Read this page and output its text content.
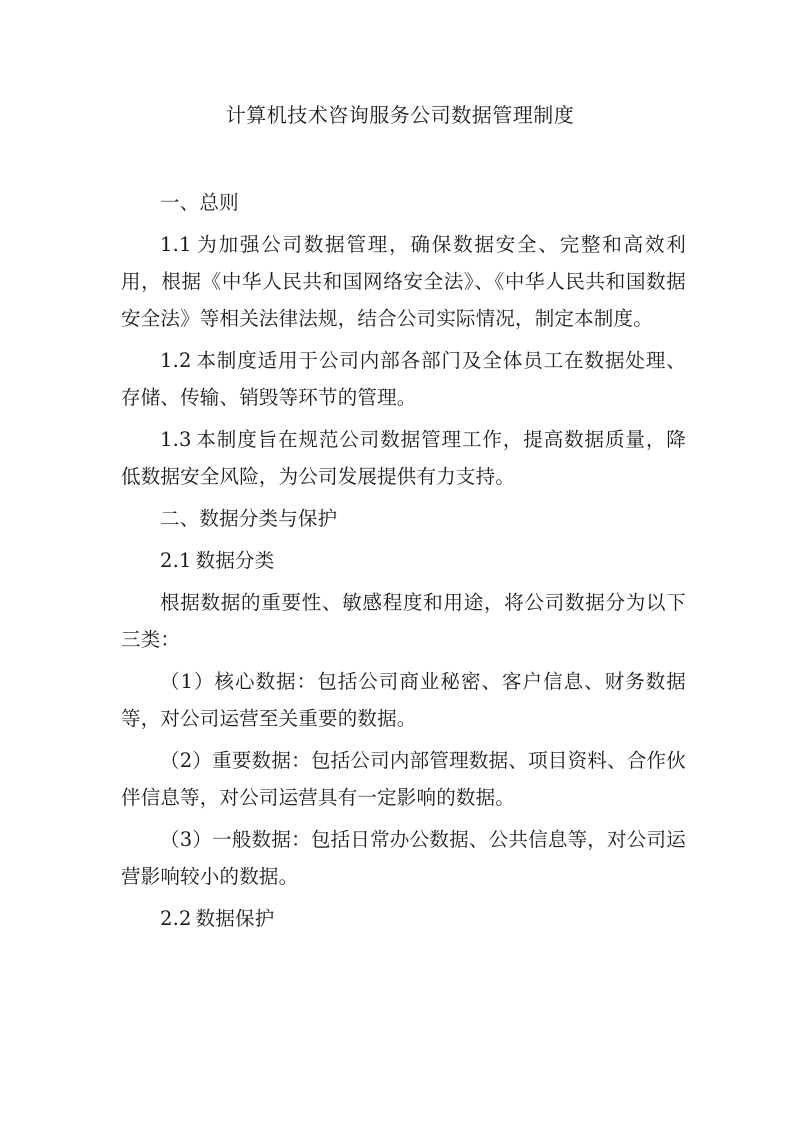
计算机技术咨询服务公司数据管理制度

一、总则

1.1 为加强公司数据管理，确保数据安全、完整和高效利用，根据《中华人民共和国网络安全法》、《中华人民共和国数据安全法》等相关法律法规，结合公司实际情况，制定本制度。

1.2 本制度适用于公司内部各部门及全体员工在数据处理、存储、传输、销毁等环节的管理。

1.3 本制度旨在规范公司数据管理工作，提高数据质量，降低数据安全风险，为公司发展提供有力支持。

二、数据分类与保护

2.1 数据分类

根据数据的重要性、敏感程度和用途，将公司数据分为以下三类：

（1）核心数据：包括公司商业秘密、客户信息、财务数据等，对公司运营至关重要的数据。

（2）重要数据：包括公司内部管理数据、项目资料、合作伙伴信息等，对公司运营具有一定影响的数据。

（3）一般数据：包括日常办公数据、公共信息等，对公司运营影响较小的数据。

2.2 数据保护
